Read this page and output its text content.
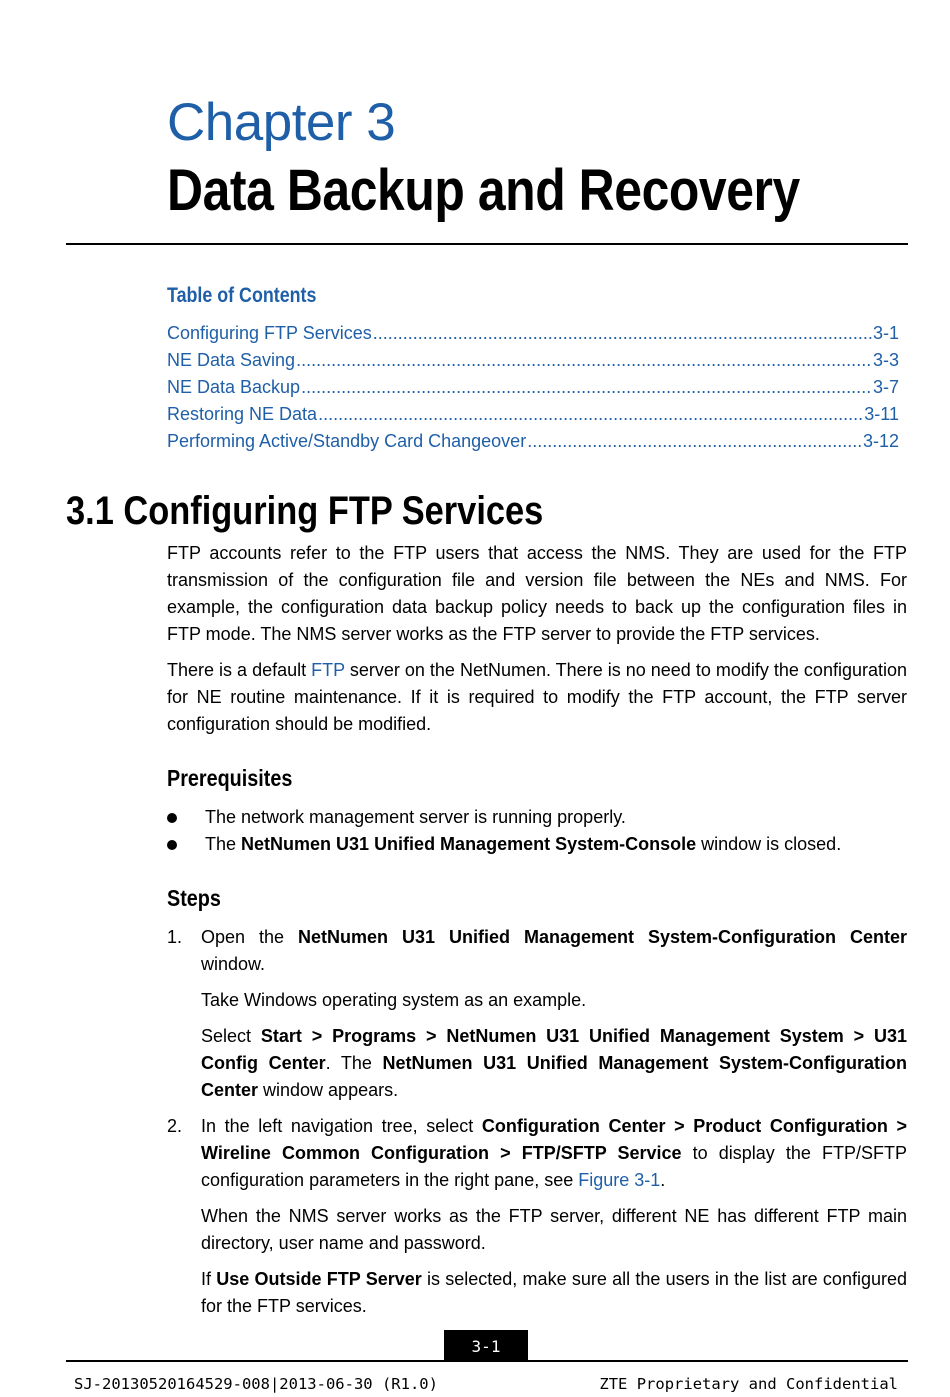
Chapter 3
Data Backup and Recovery
Table of Contents
Configuring FTP Services .....	3-1
NE Data Saving .....	3-3
NE Data Backup .....	3-7
Restoring NE Data .....	3-11
Performing Active/Standby Card Changeover .....	3-12
3.1 Configuring FTP Services
FTP accounts refer to the FTP users that access the NMS. They are used for the FTP transmission of the configuration file and version file between the NEs and NMS. For example, the configuration data backup policy needs to back up the configuration files in FTP mode. The NMS server works as the FTP server to provide the FTP services.
There is a default FTP server on the NetNumen. There is no need to modify the configuration for NE routine maintenance. If it is required to modify the FTP account, the FTP server configuration should be modified.
Prerequisites
The network management server is running properly.
The NetNumen U31 Unified Management System-Console window is closed.
Steps
1. Open the NetNumen U31 Unified Management System-Configuration Center window.
Take Windows operating system as an example.
Select Start > Programs > NetNumen U31 Unified Management System > U31 Config Center. The NetNumen U31 Unified Management System-Configuration Center window appears.
2. In the left navigation tree, select Configuration Center > Product Configuration > Wireline Common Configuration > FTP/SFTP Service to display the FTP/SFTP configuration parameters in the right pane, see Figure 3-1.
When the NMS server works as the FTP server, different NE has different FTP main directory, user name and password.
If Use Outside FTP Server is selected, make sure all the users in the list are configured for the FTP services.
3-1
SJ-20130520164529-008|2013-06-30 (R1.0)	ZTE Proprietary and Confidential
